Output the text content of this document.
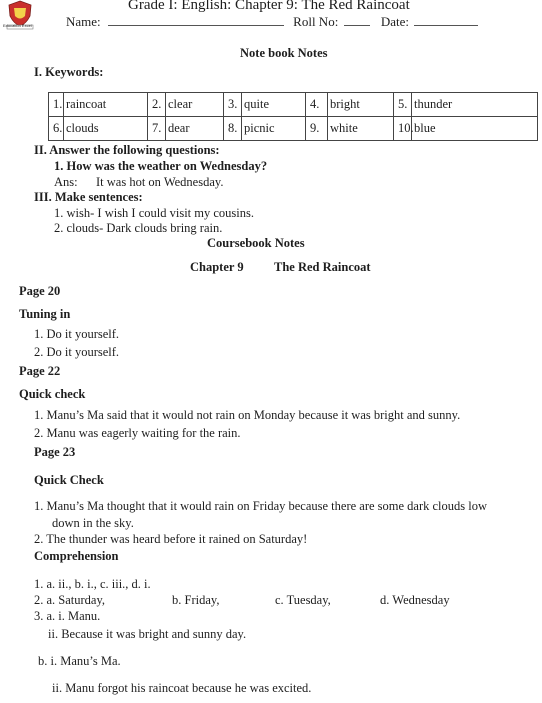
Education Excel
Grade I: English: Chapter 9: The Red Raincoat
Name:	Roll No:	Date:
Note book Notes
I. Keywords:
1.	raincoat	2.	clear	3.	quite	4.	bright	5.	thunder
6.	clouds	7.	dear	8.	picnic	9.	white	10.	blue
II. Answer the following questions:
1. How was the weather on Wednesday?
Ans: It was hot on Wednesday.
III. Make sentences:
1. wish- I wish I could visit my cousins.
2. clouds- Dark clouds bring rain.
Coursebook Notes
Chapter 9 The Red Raincoat
Page 20
Tuning in
1. Do it yourself.
2. Do it yourself.
Page 22
Quick check
1. Manu’s Ma said that it would not rain on Monday because it was bright and sunny.
2. Manu was eagerly waiting for the rain.
Page 23
Quick Check
1. Manu’s Ma thought that it would rain on Friday because there are some dark clouds low
down in the sky.
2. The thunder was heard before it rained on Saturday!
Comprehension
1. a. ii., b. i., c. iii., d. i.
2. a. Saturday,	b. Friday,	c. Tuesday,	d. Wednesday
3. a. i. Manu.
ii. Because it was bright and sunny day.
b. i. Manu’s Ma.
ii. Manu forgot his raincoat because he was excited.
